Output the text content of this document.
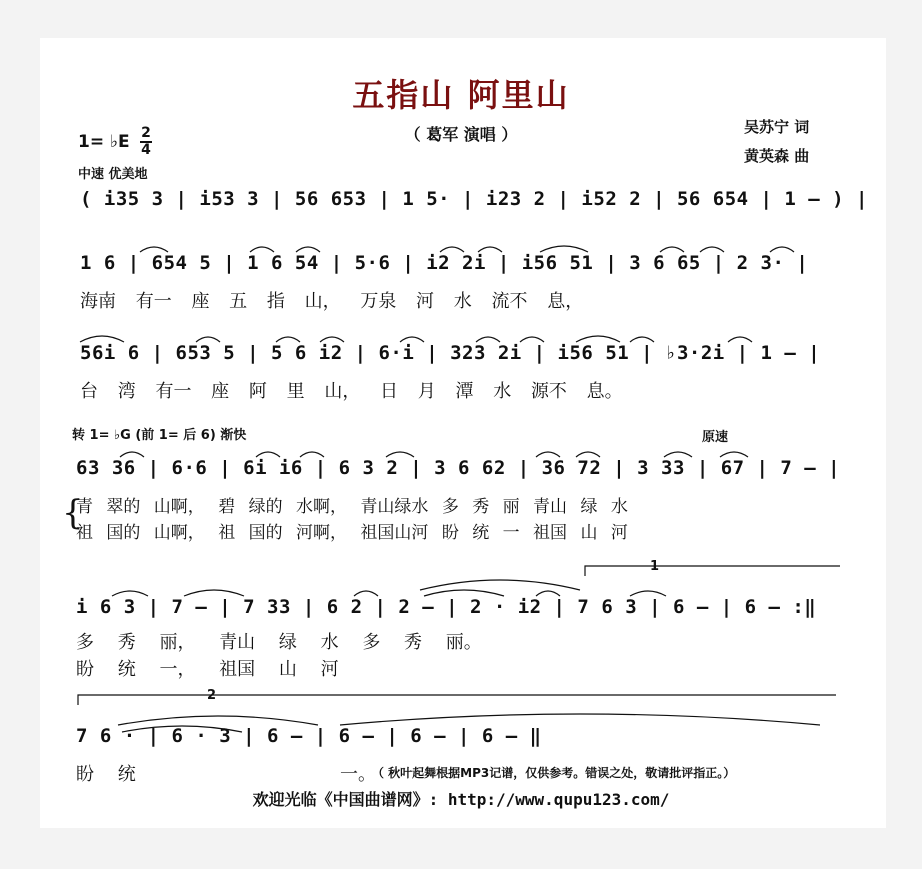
五指山 阿里山
（ 葛军 演唱 ）	吴苏宁 词
黄英森 曲
1= ♭E 2
4
中速 优美地
( i35 3 | i53 3 | 56 653 | 1 5· | i23 2 | i52 2 | 56 654 | 1 – ) |
1 6 | 654 5 | 1 6 54 | 5·6 | i2 2i | i56 51 | 3 6 65 | 2 3· |
海南 有一 座 五 指 山， 万泉 河 水 流不 息，
56i 6 | 653 5 | 5 6 i2 | 6·i | 323 2i | i56 51 | ♭3·2i | 1 – |
台 湾 有一 座 阿 里 山， 日 月 潭 水 源不 息。
转 1= ♭G (前 1= 后 6) 渐快	原速
63 36 | 6·6 | 6i i6 | 6 3 2 | 3 6 62 | 36 72 | 3 33 | 67 | 7 – |
{
青 翠的 山啊， 碧 绿的 水啊， 青山绿水 多 秀 丽 青山 绿 水
祖 国的 山啊， 祖 国的 河啊， 祖国山河 盼 统 一 祖国 山 河
1
i 6 3 | 7 – | 7 33 | 6 2 | 2 – | 2 · i2 | 7 6 3 | 6 – | 6 – :‖
多 秀 丽， 青山 绿 水 多 秀 丽。
盼 统 一， 祖国 山 河
2
7 6 · | 6 · 3 | 6 – | 6 – | 6 – | 6 – ‖
盼 统	一。
（ 秋叶起舞根据MP3记谱，仅供参考。错误之处，敬请批评指正。）
欢迎光临《中国曲谱网》: http://www.qupu123.com/
